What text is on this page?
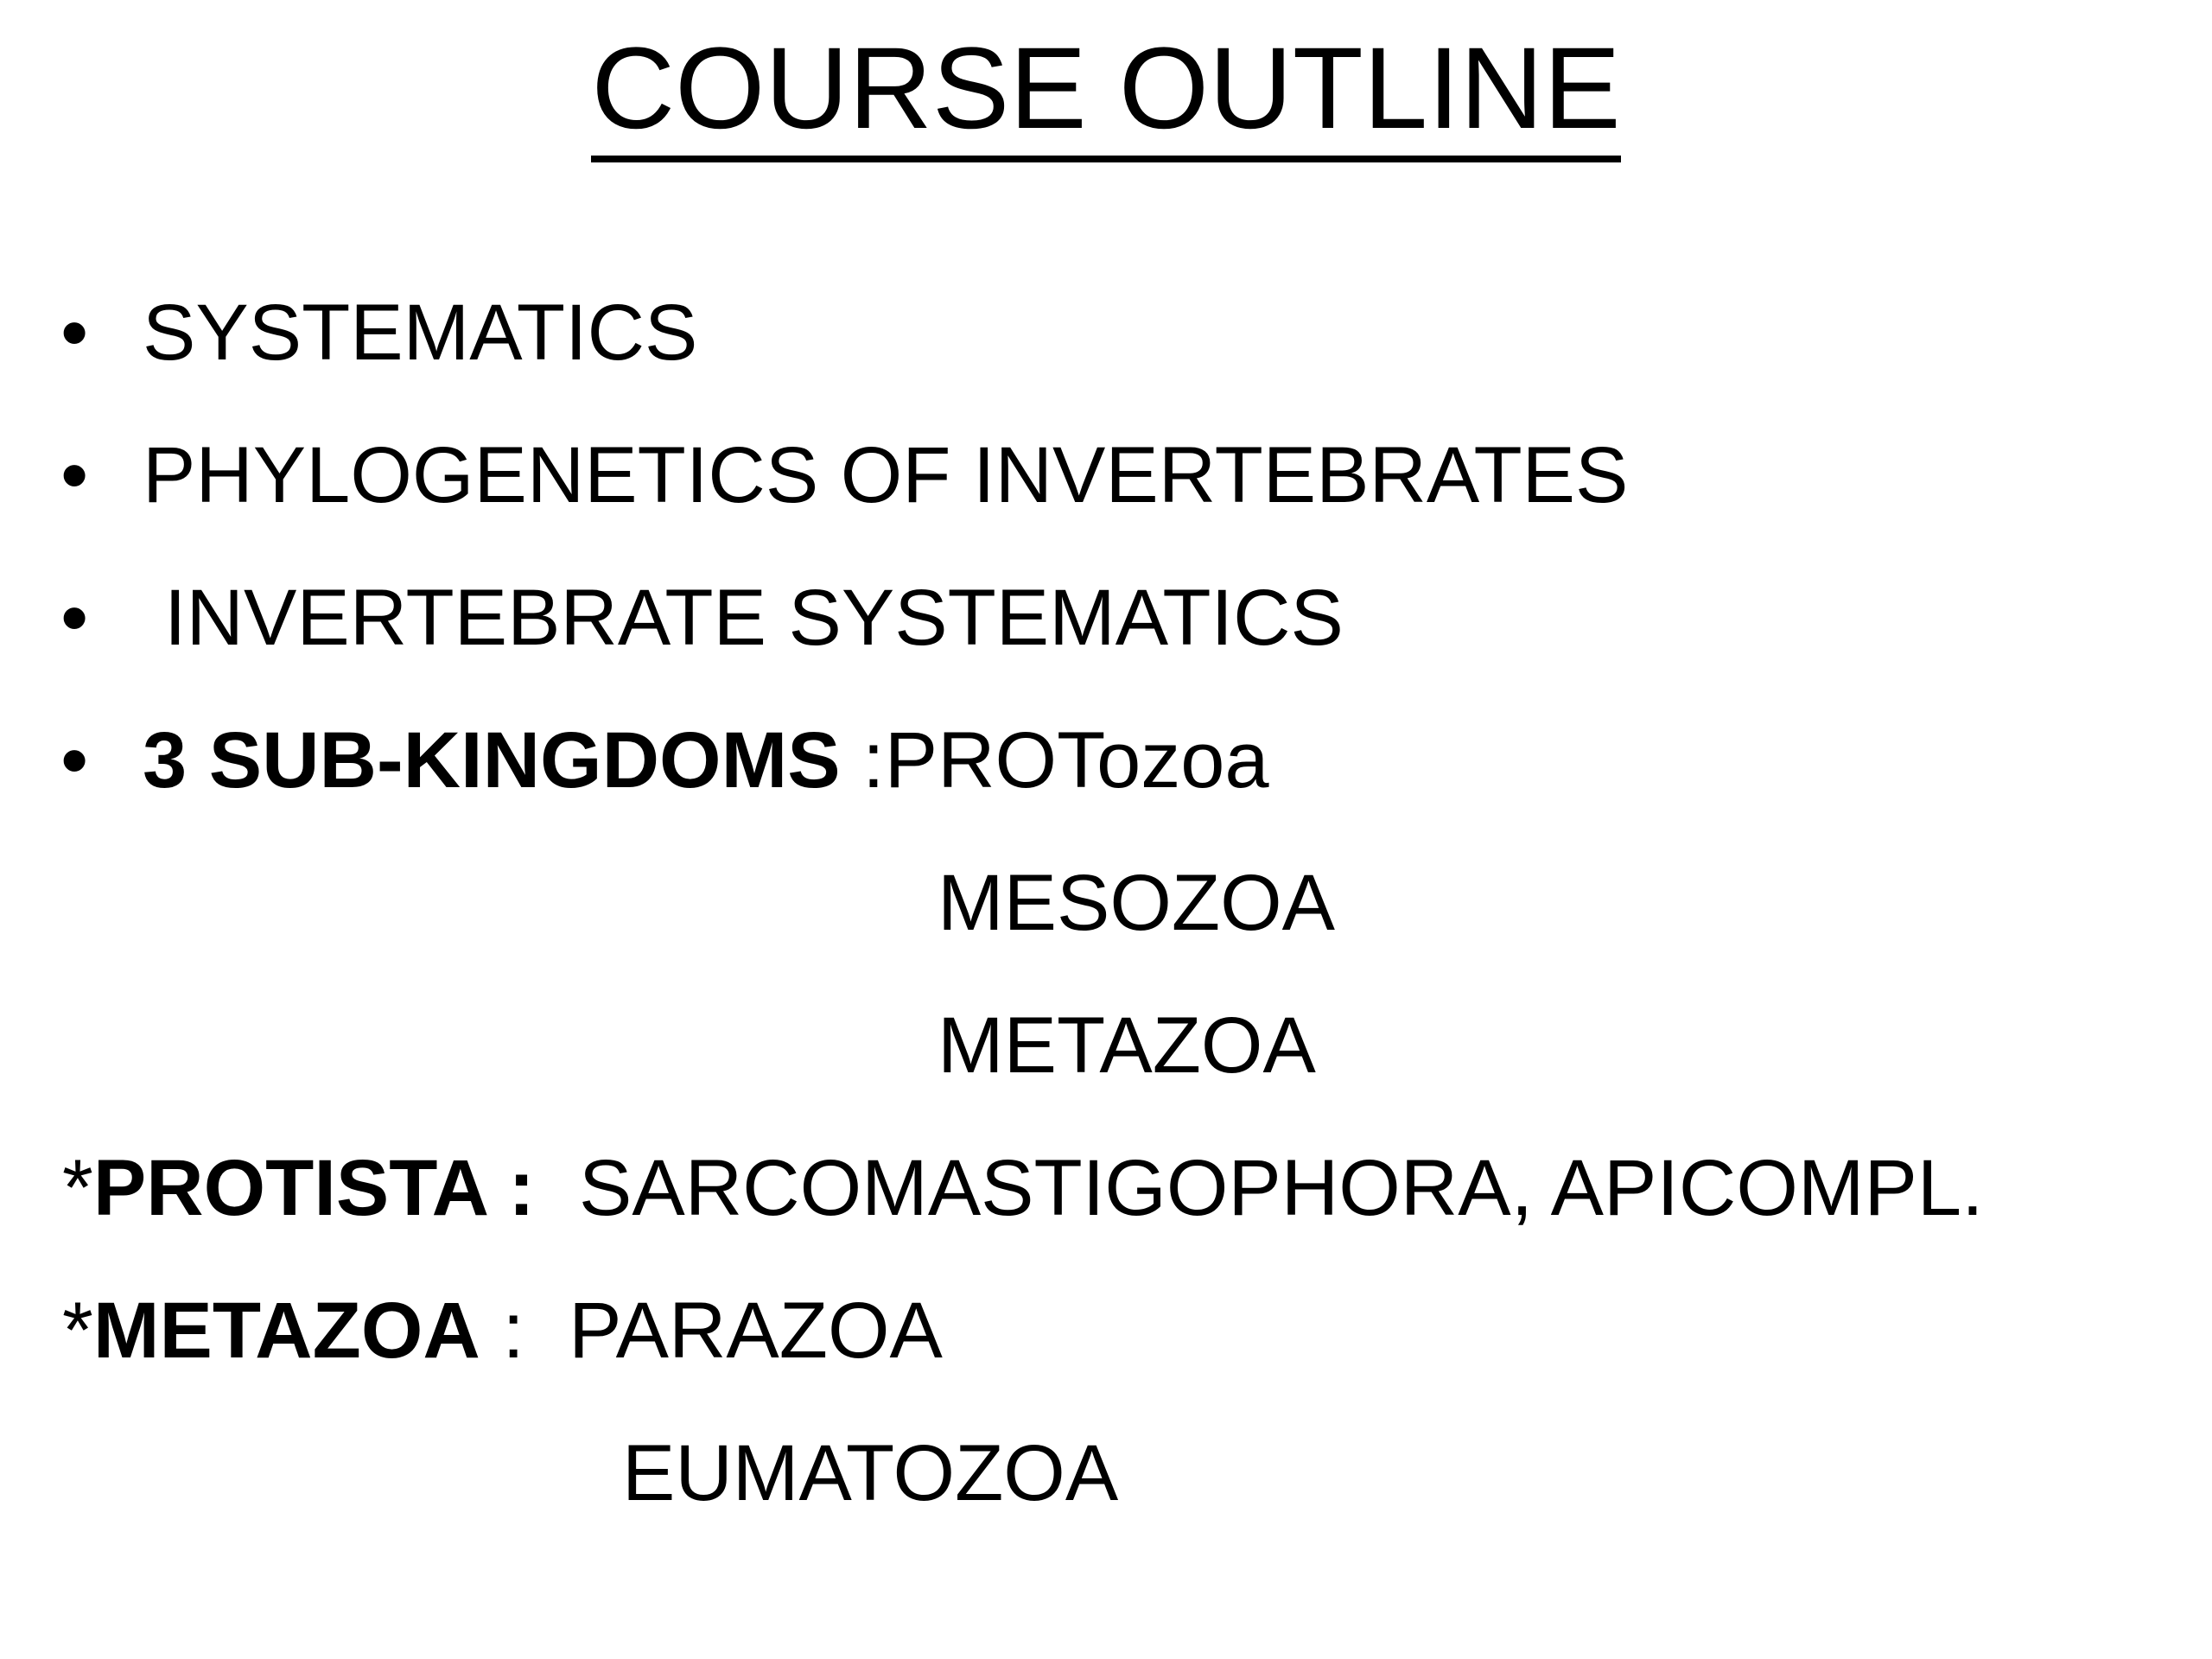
COURSE OUTLINE
• SYSTEMATICS
• PHYLOGENETICS OF INVERTEBRATES
• INVERTEBRATE SYSTEMATICS
• 3 SUB-KINGDOMS :PROTozoa
MESOZOA
METAZOA
*PROTISTA :  SARCOMASTIGOPHORA, APICOMPL.
*METAZOA :  PARAZOA
EUMATOZOA
